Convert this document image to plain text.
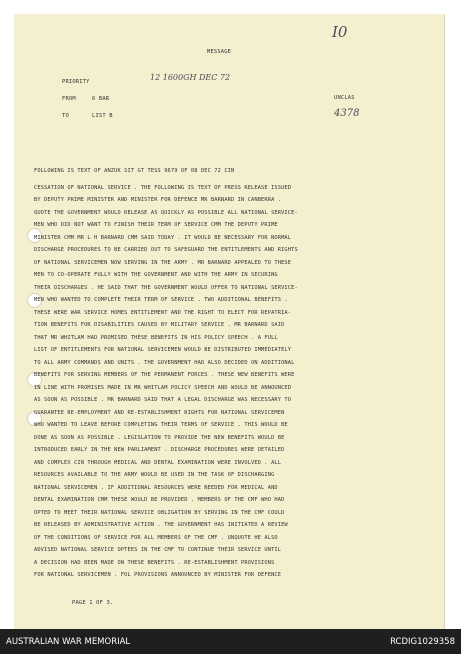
MESSAGE
PRIORITY	12 1600GH DEC 72
FROM	6 BAR	UNCLAS
TO	LIST B
I0
4378
FOLLOWING IS TEXT OF ANZUK SIT GT TESS 9679 OF 08 DEC 72 CIN
CESSATION OF NATIONAL SERVICE . THE FOLLOWING IS TEXT OF PRESS RELEASE ISSUED
BY DEPUTY PRIME MINISTER AND MINISTER FOR DEFENCE MR BARNARD IN CANBERRA .
QUOTE THE GOVERNMENT WOULD RELEASE AS QUICKLY AS POSSIBLE ALL NATIONAL SERVICE-
MEN WHO DID NOT WANT TO FINISH THEIR TERM OF SERVICE CMM THE DEPUTY PRIME
MINISTER CMM MR L H BARNARD CMM SAID TODAY . IT WOULD BE NECESSARY FOR NORMAL
DISCHARGE PROCEDURES TO BE CARRIED OUT TO SAFEGUARD THE ENTITLEMENTS AND RIGHTS
OF NATIONAL SERVICEMEN NOW SERVING IN THE ARMY . MR BARNARD APPEALED TO THESE
MEN TO CO-OPERATE FULLY WITH THE GOVERNMENT AND WITH THE ARMY IN SECURING
THEIR DISCHARGES . HE SAID THAT THE GOVERNMENT WOULD OFFER TO NATIONAL SERVICE-
MEN WHO WANTED TO COMPLETE THEIR TERM OF SERVICE . TWO ADDITIONAL BENEFITS .
THESE WERE WAR SERVICE HOMES ENTITLEMENT AND THE RIGHT TO ELECT FOR REPATRIA-
TION BENEFITS FOR DISABILITIES CAUSED BY MILITARY SERVICE . MR BARNARD SAID
THAT MR WHITLAM HAD PROMISED THESE BENEFITS IN HIS POLICY SPEECH . A FULL
LIST OF ENTITLEMENTS FOR NATIONAL SERVICEMEN WOULD BE DISTRIBUTED IMMEDIATELY
TO ALL ARMY COMMANDS AND UNITS . THE GOVERNMENT HAD ALSO DECIDED ON ADDITIONAL
BENEFITS FOR SERVING MEMBERS OF THE PERMANENT FORCES . THESE NEW BENEFITS WERE
IN LINE WITH PROMISES MADE IN MR WHITLAM POLICY SPEECH AND WOULD BE ANNOUNCED
AS SOON AS POSSIBLE . MR BARNARD SAID THAT A LEGAL DISCHARGE WAS NECESSARY TO
GUARANTEE RE-EMPLOYMENT AND RE-ESTABLISHMENT RIGHTS FOR NATIONAL SERVICEMEN
WHO WANTED TO LEAVE BEFORE COMPLETING THEIR TERMS OF SERVICE . THIS WOULD BE
DONE AS SOON AS POSSIBLE . LEGISLATION TO PROVIDE THE NEW BENEFITS WOULD BE
INTRODUCED EARLY IN THE NEW PARLIAMENT . DISCHARGE PROCEDURES WERE DETAILED
AND COMPLEX CIN THROUGH MEDICAL AND DENTAL EXAMINATION WERE INVOLVED . ALL
RESOURCES AVAILABLE TO THE ARMY WOULD BE USED IN THE TASK OF DISCHARGING
NATIONAL SERVICEMEN . IF ADDITIONAL RESOURCES WERE NEEDED FOR MEDICAL AND
DENTAL EXAMINATION CMM THESE WOULD BE PROVIDED . MEMBERS OF THE CMF WHO HAD
OPTED TO MEET THEIR NATIONAL SERVICE OBLIGATION BY SERVING IN THE CMF COULD
BE RELEASED BY ADMINISTRATIVE ACTION . THE GOVERNMENT HAS INITIATED A REVIEW
OF THE CONDITIONS OF SERVICE FOR ALL MEMBERS OF THE CMF . UNQUOTE HE ALSO
ADVISED NATIONAL SERVICE OPTEES IN THE CMF TO CONTINUE THEIR SERVICE UNTIL
A DECISION HAD BEEN MADE ON THESE BENEFITS . RE-ESTABLISHMENT PROVISIONS
FOR NATIONAL SERVICEMEN . FOL PROVISIONS ANNOUNCED BY MINISTER FOR DEFENCE
PAGE 1 OF 3.
AUSTRALIAN WAR MEMORIAL	RCDIG1029358
